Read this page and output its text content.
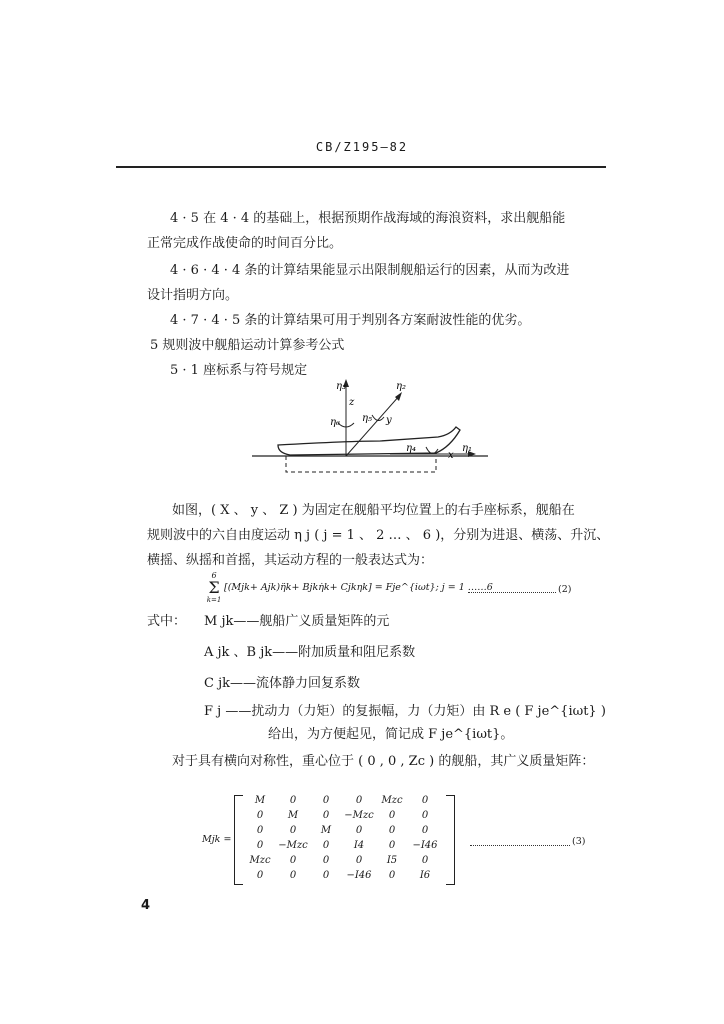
CB/Z195—82
4 · 5 在 4 · 4 的基础上，根据预期作战海域的海浪资料，求出舰船能
正常完成作战使命的时间百分比。
4 · 6 · 4 · 4 条的计算结果能显示出限制舰船运行的因素，从而为改进
设计指明方向。
4 · 7 · 4 · 5 条的计算结果可用于判别各方案耐波性能的优劣。
5 规则波中舰船运动计算参考公式
5 · 1 座标系与符号规定
η₃
z
η₂
η₆ η₅ y
η₄
x
η₁
如图，( X 、 y 、 Z ) 为固定在舰船平均位置上的右手座标系，舰船在
规则波中的六自由度运动 η j ( j = 1 、 2 … 、 6 )，分别为进退、横荡、升沉、
横摇、纵摇和首摇，其运动方程的一般表达式为：
6
Σ
k=1
[(Mjk+ Ajk)η̈k+ Bjkη̇k+ Cjkηk] = Fje^{iωt}; j = 1 ……6	(2)
式中： M jk——舰船广义质量矩阵的元
A jk 、B jk——附加质量和阻尼系数
C jk——流体静力回复系数
F j ——扰动力（力矩）的复振幅，力（力矩）由 R e ( F je^{iωt} )
给出，为方便起见，简记成 F je^{iωt}。
对于具有横向对称性，重心位于 ( 0 , 0 , Zc ) 的舰船，其广义质量矩阵：
Mjk =
M	0	0	0	Mzc	0
0	M	0	−Mzc	0	0
0	0	M	0	0	0
0	−Mzc	0	I4	0	−I46
Mzc	0	0	0	I5	0
0	0	0	−I46	0	I6
(3)
4
